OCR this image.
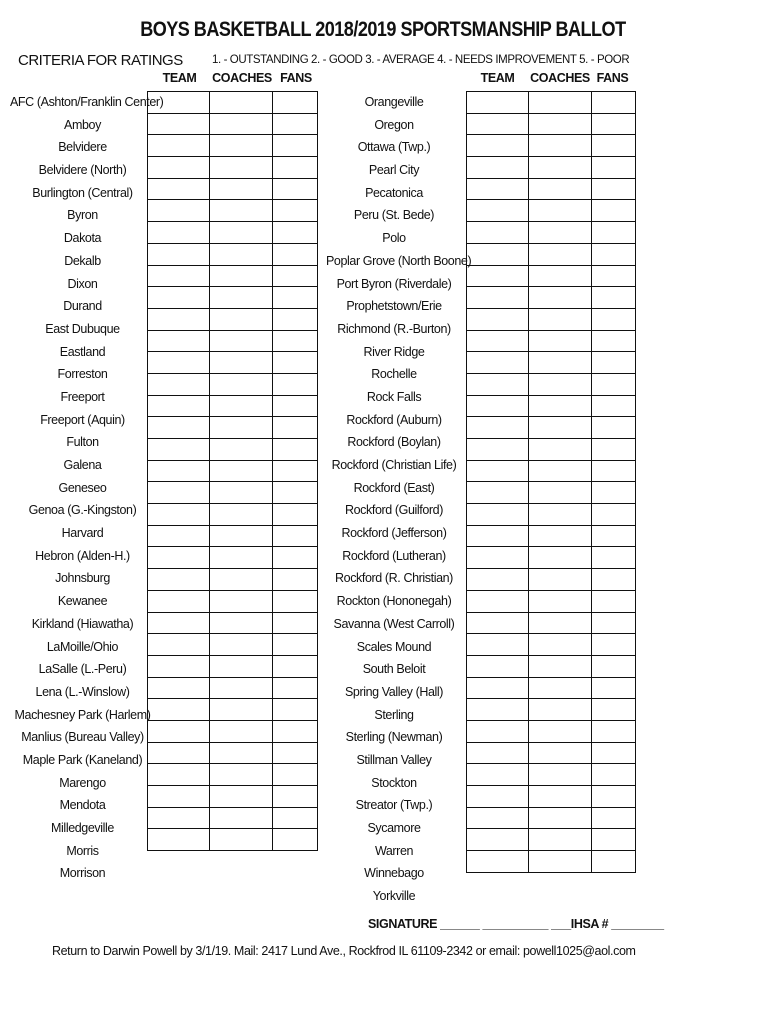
BOYS BASKETBALL 2018/2019 SPORTSMANSHIP BALLOT
CRITERIA FOR RATINGS	1. - OUTSTANDING 2. - GOOD 3. - AVERAGE 4. - NEEDS IMPROVEMENT 5. - POOR
TEAM	COACHES FANS	TEAM	COACHES FANS
AFC (Ashton/Franklin Center)
Amboy
Belvidere
Belvidere (North)
Burlington (Central)
Byron
Dakota
Dekalb
Dixon
Durand
East Dubuque
Eastland
Forreston
Freeport
Freeport (Aquin)
Fulton
Galena
Geneseo
Genoa (G.-Kingston)
Harvard
Hebron (Alden-H.)
Johnsburg
Kewanee
Kirkland (Hiawatha)
LaMoille/Ohio
LaSalle (L.-Peru)
Lena (L.-Winslow)
Machesney Park (Harlem)
Manlius (Bureau Valley)
Maple Park (Kaneland)
Marengo
Mendota
Milledgeville
Morris
Morrison

Orangeville
Oregon
Ottawa (Twp.)
Pearl City
Pecatonica
Peru (St. Bede)
Polo
Poplar Grove (North Boone)
Port Byron (Riverdale)
Prophetstown/Erie
Richmond (R.-Burton)
River Ridge
Rochelle
Rock Falls
Rockford (Auburn)
Rockford (Boylan)
Rockford (Christian Life)
Rockford (East)
Rockford (Guilford)
Rockford (Jefferson)
Rockford (Lutheran)
Rockford (R. Christian)
Rockton (Hononegah)
Savanna (West Carroll)
Scales Mound
South Beloit
Spring Valley (Hall)
Sterling
Sterling (Newman)
Stillman Valley
Stockton
Streator (Twp.)
Sycamore
Warren
Winnebago
Yorkville

SIGNATURE ______ __________ ___IHSA # ________
Return to Darwin Powell by 3/1/19. Mail: 2417 Lund Ave., Rockfrod IL 61109-2342 or email: powell1025@aol.com
